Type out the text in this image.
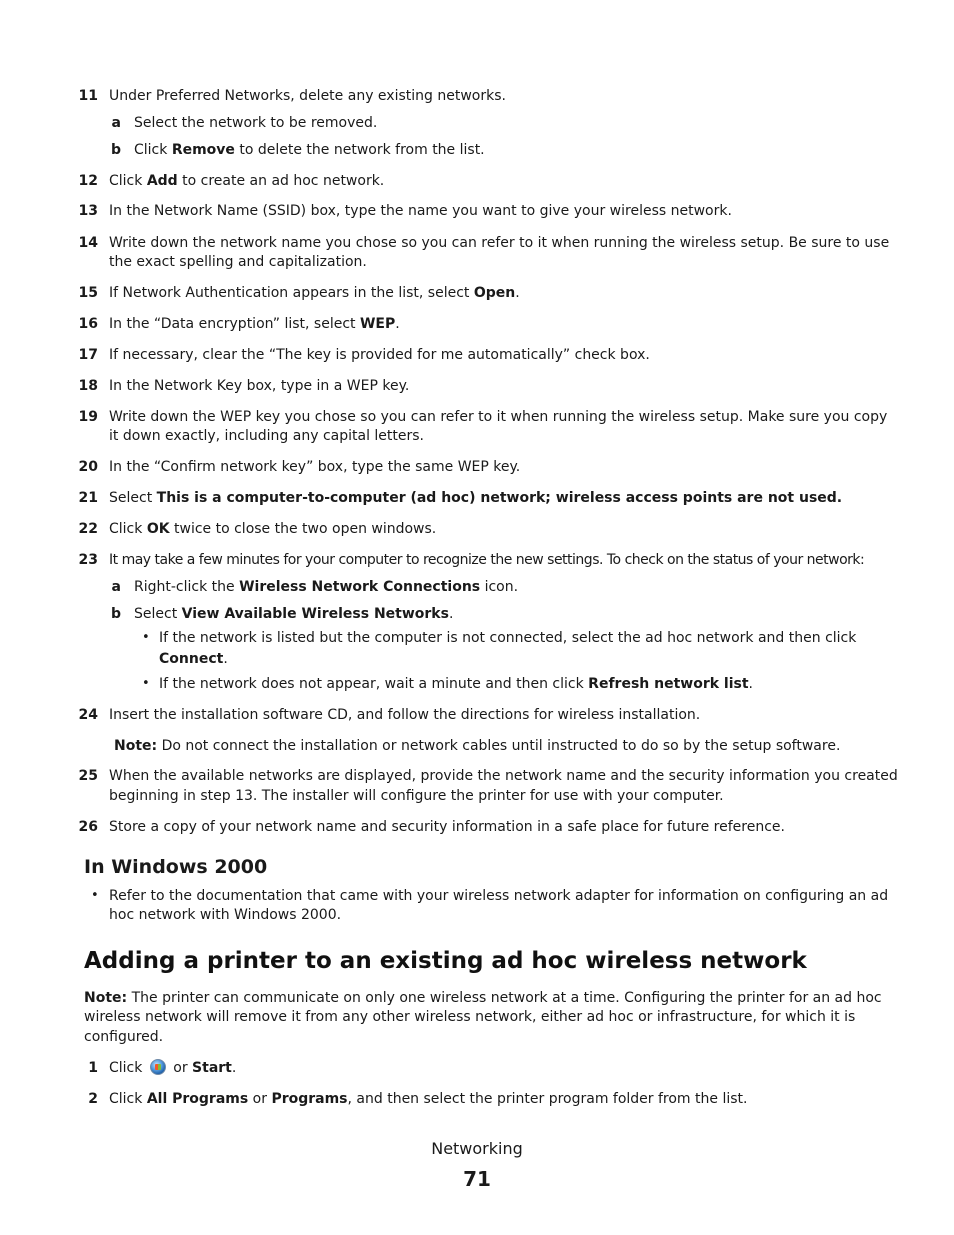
11 Under Preferred Networks, delete any existing networks.
a Select the network to be removed.
b Click Remove to delete the network from the list.
12 Click Add to create an ad hoc network.
13 In the Network Name (SSID) box, type the name you want to give your wireless network.
14 Write down the network name you chose so you can refer to it when running the wireless setup. Be sure to use
the exact spelling and capitalization.
15 If Network Authentication appears in the list, select Open.
16 In the “Data encryption” list, select WEP.
17 If necessary, clear the “The key is provided for me automatically” check box.
18 In the Network Key box, type in a WEP key.
19 Write down the WEP key you chose so you can refer to it when running the wireless setup. Make sure you copy
it down exactly, including any capital letters.
20 In the “Confirm network key” box, type the same WEP key.
21 Select This is a computer-to-computer (ad hoc) network; wireless access points are not used.
22 Click OK twice to close the two open windows.
23 It may take a few minutes for your computer to recognize the new settings. To check on the status of your network:
a Right-click the Wireless Network Connections icon.
b Select View Available Wireless Networks.
• If the network is listed but the computer is not connected, select the ad hoc network and then click
Connect.
• If the network does not appear, wait a minute and then click Refresh network list.
24 Insert the installation software CD, and follow the directions for wireless installation.
Note: Do not connect the installation or network cables until instructed to do so by the setup software.
25 When the available networks are displayed, provide the network name and the security information you created
beginning in step 13. The installer will configure the printer for use with your computer.
26 Store a copy of your network name and security information in a safe place for future reference.
In Windows 2000
• Refer to the documentation that came with your wireless network adapter for information on configuring an ad
hoc network with Windows 2000.
Adding a printer to an existing ad hoc wireless network
Note: The printer can communicate on only one wireless network at a time. Configuring the printer for an ad hoc
wireless network will remove it from any other wireless network, either ad hoc or infrastructure, for which it is
configured.
1 Click  or Start.
2 Click All Programs or Programs, and then select the printer program folder from the list.
Networking
71
